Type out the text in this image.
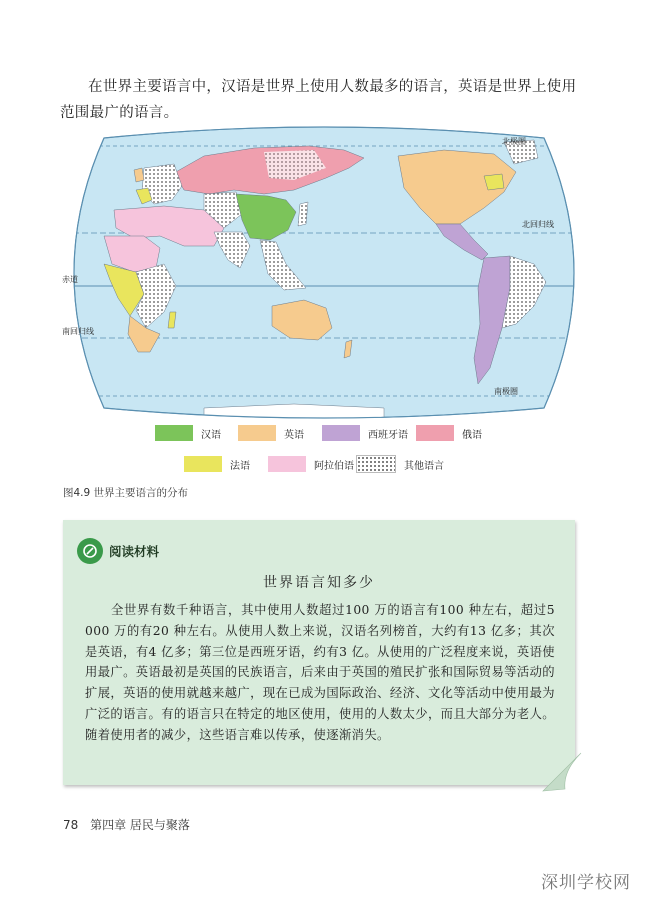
在世界主要语言中，汉语是世界上使用人数最多的语言，英语是世界上使用范围最广的语言。

北极圈
北回归线
赤道
南回归线
南极圈
汉语	英语	西班牙语	俄语
法语	阿拉伯语	其他语言
图4.9 世界主要语言的分布
阅读材料
世界语言知多少

全世界有数千种语言，其中使用人数超过100 万的语言有100 种左右，超过5 000 万的有20 种左右。从使用人数上来说，汉语名列榜首，大约有13 亿多；其次是英语，有4 亿多；第三位是西班牙语，约有3 亿。从使用的广泛程度来说，英语使用最广。英语最初是英国的民族语言，后来由于英国的殖民扩张和国际贸易等活动的扩展，英语的使用就越来越广，现在已成为国际政治、经济、文化等活动中使用最为广泛的语言。有的语言只在特定的地区使用，使用的人数太少，而且大部分为老人。随着使用者的减少，这些语言难以传承，使逐渐消失。

78 第四章 居民与聚落
深圳学校网
